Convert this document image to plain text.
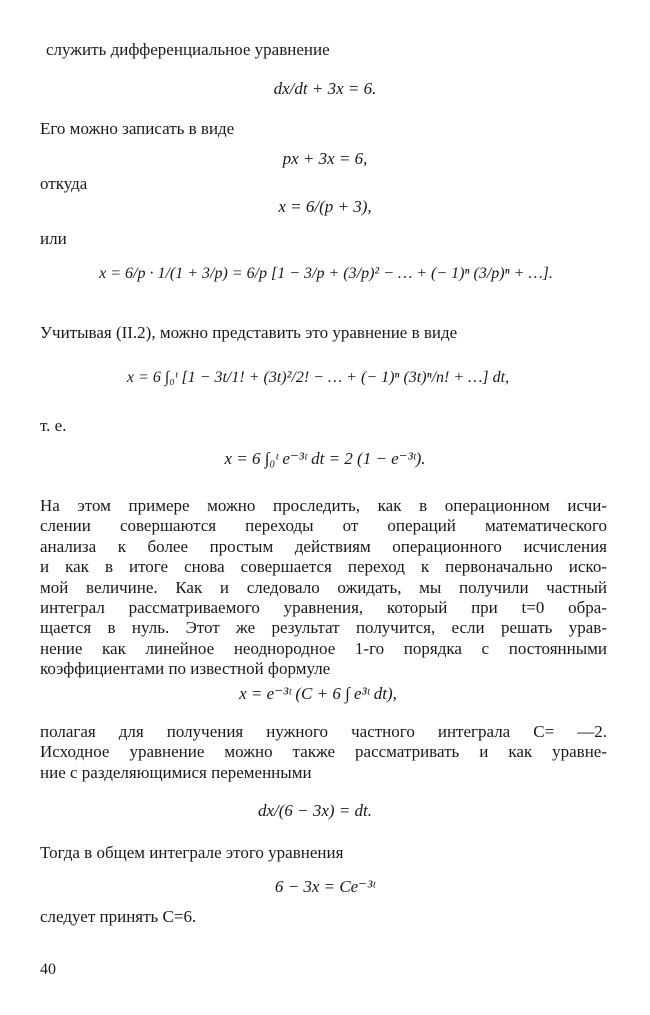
служить дифференциальное уравнение
dx/dt + 3x = 6.
Его можно записать в виде
px + 3x = 6,
откуда
x = 6/(p + 3),
или
x = 6/p · 1/(1 + 3/p) = 6/p [1 − 3/p + (3/p)² − … + (− 1)ⁿ (3/p)ⁿ + …].
Учитывая (II.2), можно представить это уравнение в виде
x = 6 ∫₀ᵗ [1 − 3t/1! + (3t)²/2! − … + (− 1)ⁿ (3t)ⁿ/n! + …] dt,
т. е.
x = 6 ∫₀ᵗ e⁻³ᵗ dt = 2 (1 − e⁻³ᵗ).
На этом примере можно проследить, как в операционном исчи-
слении совершаются переходы от операций математического
анализа к более простым действиям операционного исчисления
и как в итоге снова совершается переход к первоначально иско-
мой величине. Как и следовало ожидать, мы получили частный
интеграл рассматриваемого уравнения, который при t=0 обра-
щается в нуль. Этот же результат получится, если решать урав-
нение как линейное неоднородное 1-го порядка с постоянными
коэффициентами по известной формуле
x = e⁻³ᵗ (C + 6 ∫ e³ᵗ dt),
полагая для получения нужного частного интеграла C= —2.
Исходное уравнение можно также рассматривать и как уравне-
ние с разделяющимися переменными
dx/(6 − 3x) = dt.
Тогда в общем интеграле этого уравнения
6 − 3x = Ce⁻³ᵗ
следует принять C=6.
40
